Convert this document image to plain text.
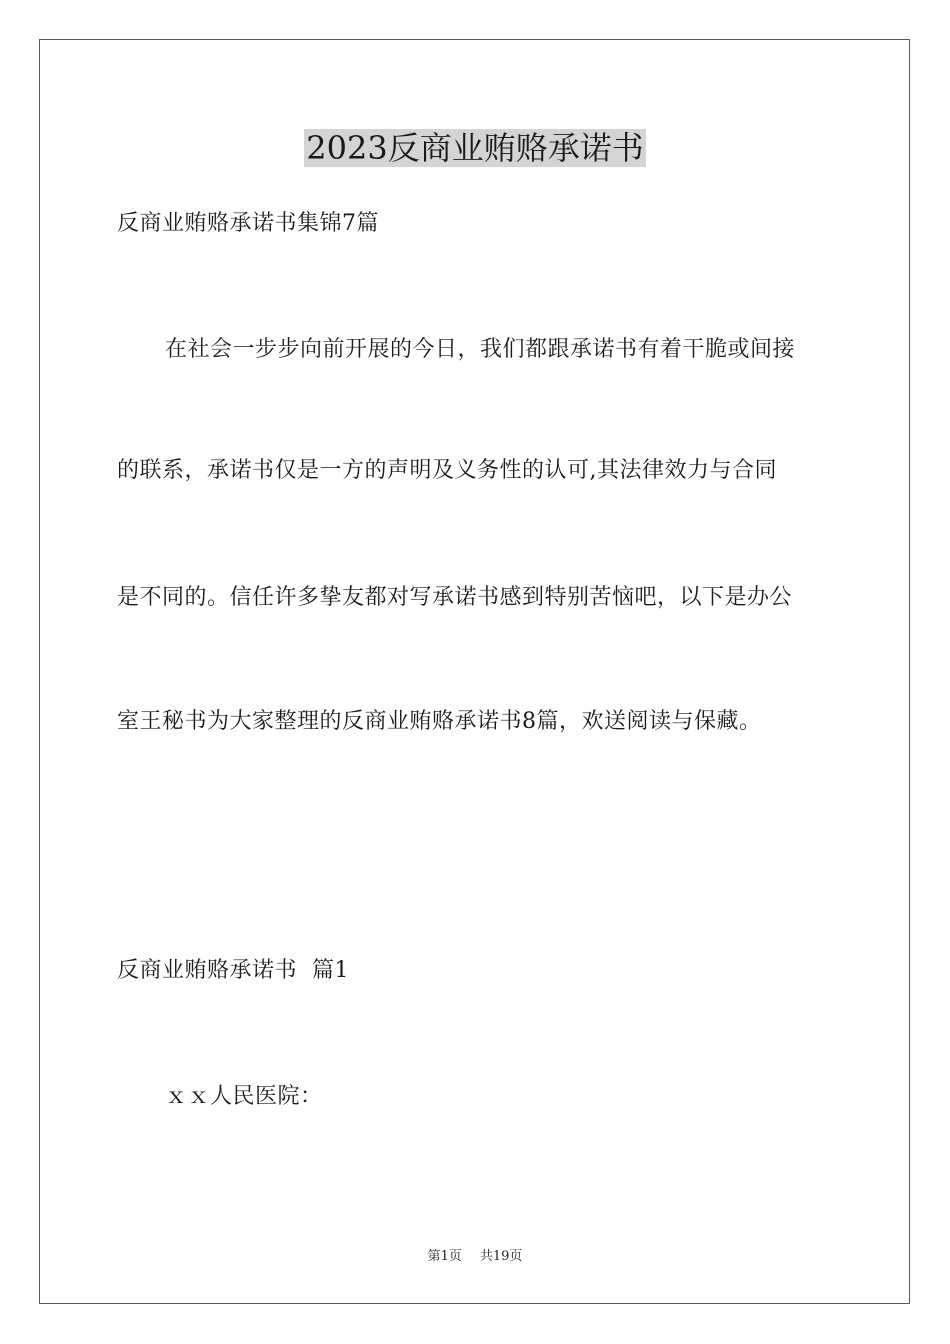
2023反商业贿赂承诺书

反商业贿赂承诺书集锦7篇

在社会一步步向前开展的今日，我们都跟承诺书有着干脆或间接

的联系，承诺书仅是一方的声明及义务性的认可,其法律效力与合同

是不同的。信任许多挚友都对写承诺书感到特别苦恼吧，以下是办公

室王秘书为大家整理的反商业贿赂承诺书8篇，欢送阅读与保藏。

反商业贿赂承诺书  篇1

ｘｘ人民医院：

第1页 共19页
